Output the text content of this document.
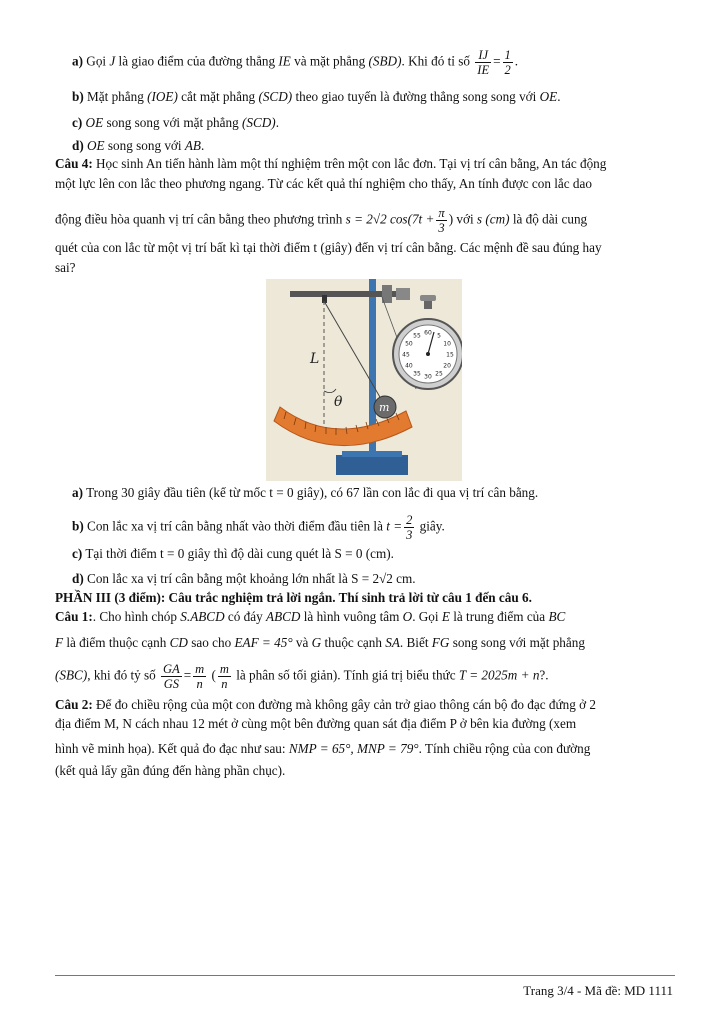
a) Gọi J là giao điểm của đường thẳng IE và mặt phẳng (SBD). Khi đó tỉ số $\frac{IJ}{IE} = \frac{1}{2}$ .
b) Mặt phẳng (IOE) cắt mặt phẳng (SCD) theo giao tuyến là đường thẳng song song với OE.
c) OE song song với mặt phẳng (SCD).
d) OE song song với AB.
Câu 4: Học sinh An tiến hành làm một thí nghiệm trên một con lắc đơn. Tại vị trí cân bằng, An tác động
một lực lên con lắc theo phương ngang. Từ các kết quả thí nghiệm cho thấy, An tính được con lắc dao
động điều hòa quanh vị trí cân bằng theo phương trình s = 2√2 $\cos(7t + \frac{\pi}{3}$ ) với s (cm) là độ dài cung
quét của con lắc từ một vị trí bất kì tại thời điểm t (giây) đến vị trí cân bằng. Các mệnh đề sau đúng hay
sai?
m
L
θ
60 5
10
15
20
25
30
35
40
45
50
55
a) Trong 30 giây đầu tiên (kể từ mốc t = 0 giây), có 67 lần con lắc đi qua vị trí cân bằng.
b) Con lắc xa vị trí cân bằng nhất vào thời điểm đầu tiên là $t = \frac{2}{3}$ giây.
c) Tại thời điểm t = 0 giây thì độ dài cung quét là S = 0 (cm).
d) Con lắc xa vị trí cân bằng một khoảng lớn nhất là S = 2√2 cm.
PHẦN III (3 điểm): Câu trắc nghiệm trả lời ngắn. Thí sinh trả lời từ câu 1 đến câu 6.
Câu 1:. Cho hình chóp S.ABCD có đáy ABCD là hình vuông tâm O. Gọi E là trung điểm của BC
F là điểm thuộc cạnh CD sao cho EAF = 45° và G thuộc cạnh SA. Biết FG song song với mặt phẳng
(SBC), khi đó tỷ số $\frac{GA}{GS} = \frac{m}{n}$ ( $\frac{m}{n}$ là phân số tối giản). Tính giá trị biểu thức T = 2025m + n?.
Câu 2: Để đo chiều rộng của một con đường mà không gây cản trở giao thông cán bộ đo đạc đứng ở 2
địa điểm M, N cách nhau 12 mét ở cùng một bên đường quan sát địa điểm P ở bên kia đường (xem
hình vẽ minh họa). Kết quả đo đạc như sau: NMP = 65°, MNP = 79°. Tính chiều rộng của con đường
(kết quả lấy gần đúng đến hàng phần chục).
Trang 3/4 - Mã đề: MD 1111
